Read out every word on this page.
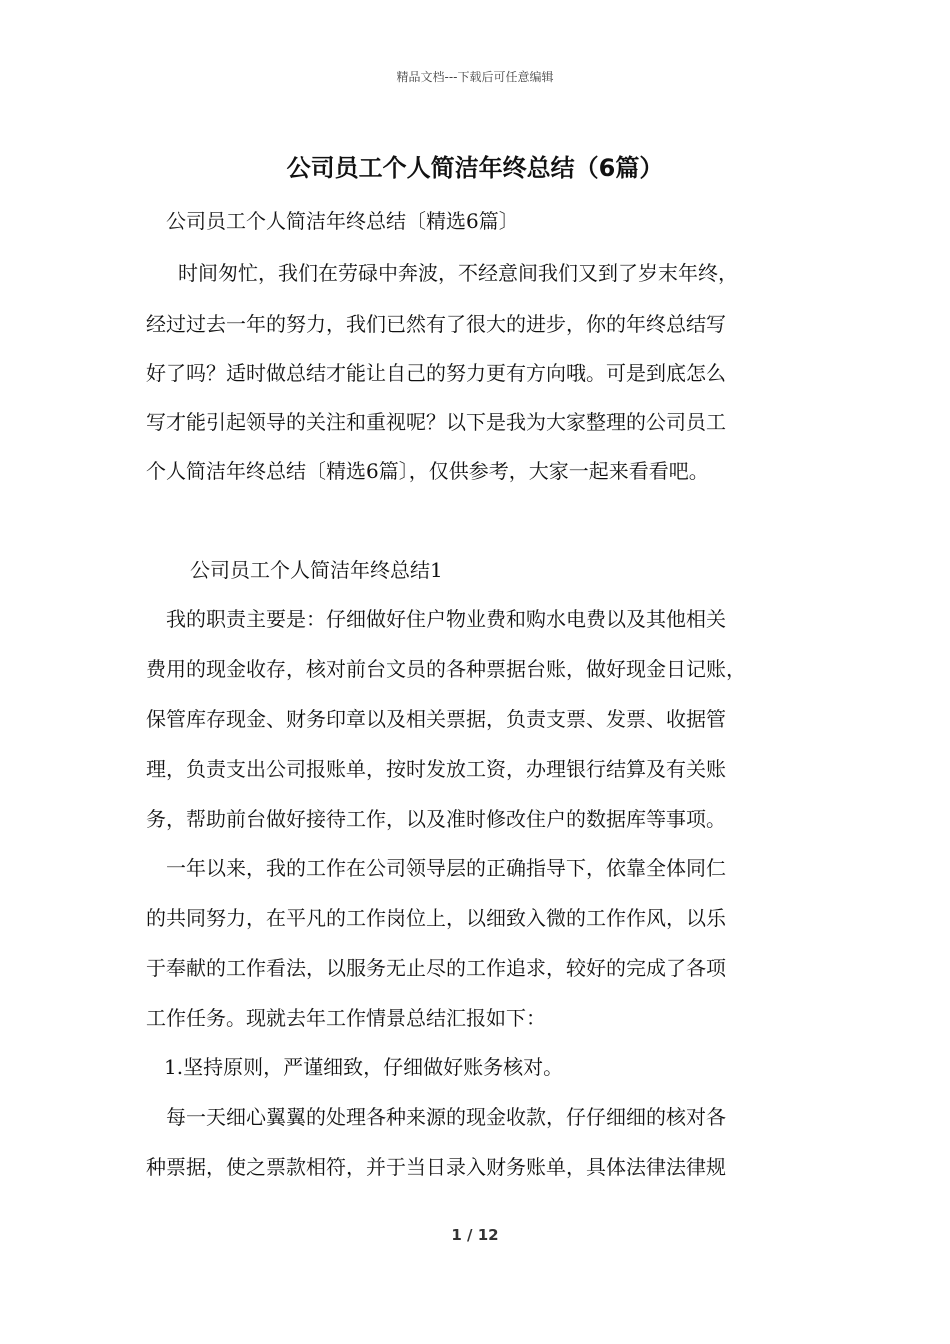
精品文档---下载后可任意编辑
公司员工个人简洁年终总结（6篇）
公司员工个人简洁年终总结〔精选6篇〕
时间匆忙，我们在劳碌中奔波，不经意间我们又到了岁末年终，
经过过去一年的努力，我们已然有了很大的进步，你的年终总结写
好了吗？适时做总结才能让自己的努力更有方向哦。可是到底怎么
写才能引起领导的关注和重视呢？以下是我为大家整理的公司员工
个人简洁年终总结〔精选6篇〕，仅供参考，大家一起来看看吧。
公司员工个人简洁年终总结1
我的职责主要是：仔细做好住户物业费和购水电费以及其他相关
费用的现金收存，核对前台文员的各种票据台账，做好现金日记账，
保管库存现金、财务印章以及相关票据，负责支票、发票、收据管
理，负责支出公司报账单，按时发放工资，办理银行结算及有关账
务，帮助前台做好接待工作，以及准时修改住户的数据库等事项。
一年以来，我的工作在公司领导层的正确指导下，依靠全体同仁
的共同努力，在平凡的工作岗位上，以细致入微的工作作风，以乐
于奉献的工作看法，以服务无止尽的工作追求，较好的完成了各项
工作任务。现就去年工作情景总结汇报如下：
1.坚持原则，严谨细致，仔细做好账务核对。
每一天细心翼翼的处理各种来源的现金收款，仔仔细细的核对各
种票据，使之票款相符，并于当日录入财务账单，具体法律法律规
1 / 12
